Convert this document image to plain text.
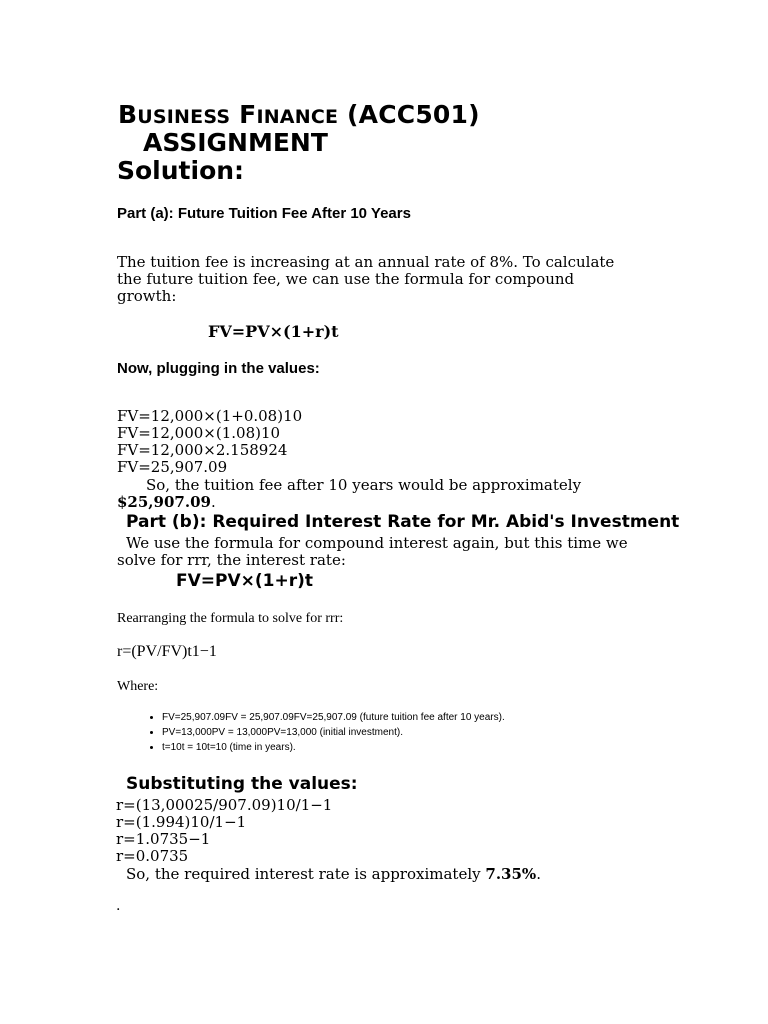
BUSINESS FINANCE (ACC501)
ASSIGNMENT
Solution:
Part (a): Future Tuition Fee After 10 Years
The tuition fee is increasing at an annual rate of 8%. To calculate
the future tuition fee, we can use the formula for compound
growth:
FV=PV×(1+r)t
Now, plugging in the values:
FV=12,000×(1+0.08)10
FV=12,000×(1.08)10
FV=12,000×2.158924
FV=25,907.09
So, the tuition fee after 10 years would be approximately
$25,907.09.
Part (b): Required Interest Rate for Mr. Abid's Investment
We use the formula for compound interest again, but this time we
solve for rrr, the interest rate:
FV=PV×(1+r)t
Rearranging the formula to solve for rrr:
r=(PV/FV)t1−1
Where:
• FV=25,907.09FV = 25,907.09FV=25,907.09 (future tuition fee after 10 years).
• PV=13,000PV = 13,000PV=13,000 (initial investment).
• t=10t = 10t=10 (time in years).
Substituting the values:
r=(13,00025/907.09)10/1−1
r=(1.994)10/1−1
r=1.0735−1
r=0.0735
So, the required interest rate is approximately 7.35%.
.
